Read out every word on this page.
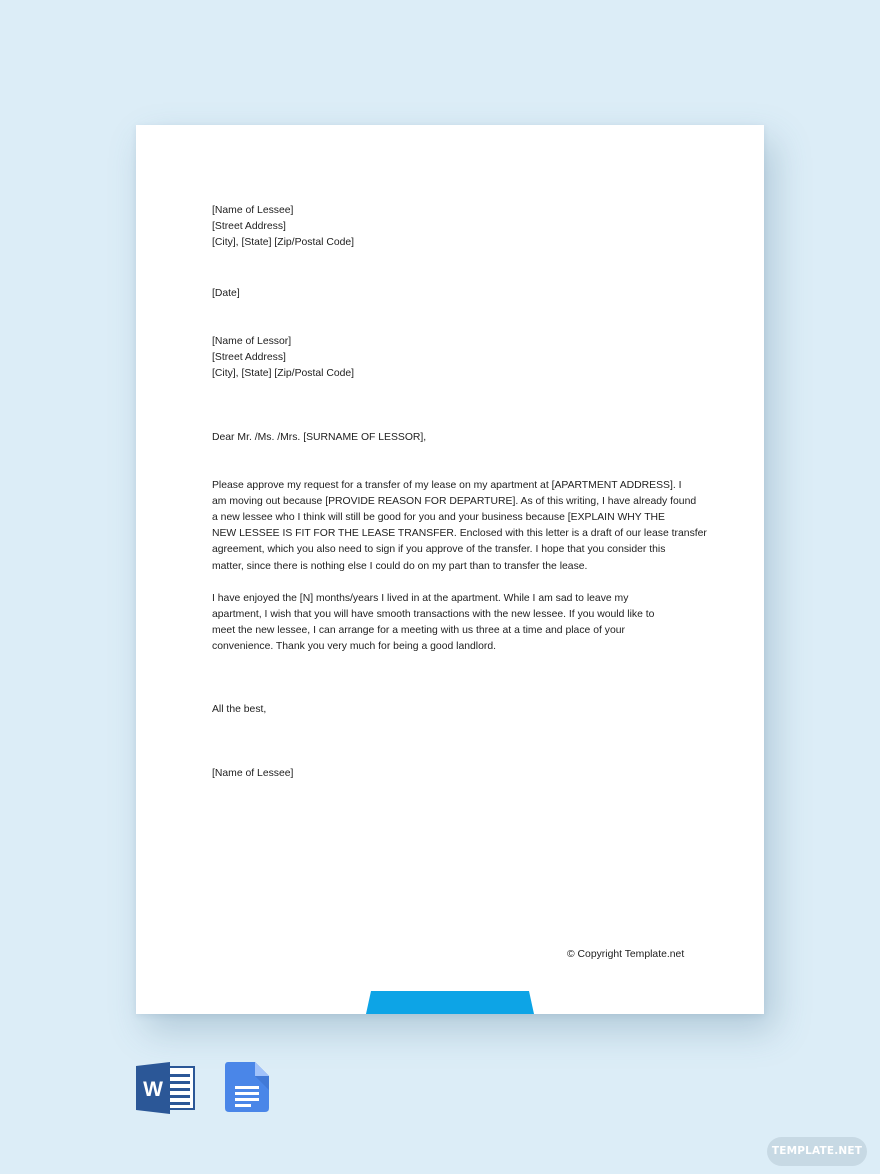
[Name of Lessee]
[Street Address]
[City], [State] [Zip/Postal Code]
[Date]
[Name of Lessor]
[Street Address]
[City], [State] [Zip/Postal Code]
Dear Mr. /Ms. /Mrs. [SURNAME OF LESSOR],

Please approve my request for a transfer of my lease on my apartment at [APARTMENT ADDRESS]. I
am moving out because [PROVIDE REASON FOR DEPARTURE]. As of this writing, I have already found
a new lessee who I think will still be good for you and your business because [EXPLAIN WHY THE
NEW LESSEE IS FIT FOR THE LEASE TRANSFER. Enclosed with this letter is a draft of our lease transfer
agreement, which you also need to sign if you approve of the transfer. I hope that you consider this
matter, since there is nothing else I could do on my part than to transfer the lease.

I have enjoyed the [N] months/years I lived in at the apartment. While I am sad to leave my
apartment, I wish that you will have smooth transactions with the new lessee. If you would like to
meet the new lessee, I can arrange for a meeting with us three at a time and place of your
convenience. Thank you very much for being a good landlord.

All the best,
[Name of Lessee]
© Copyright Template.net
W
TEMPLATE.NET
